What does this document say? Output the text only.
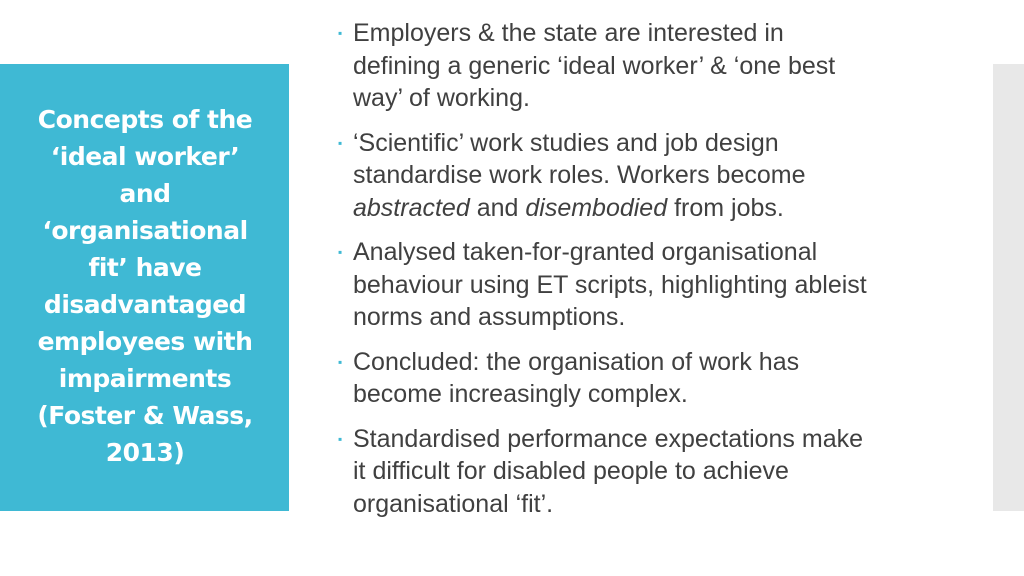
Concepts of the
‘ideal worker’
and
‘organisational
fit’ have
disadvantaged
employees with
impairments
(Foster & Wass,
2013)
▪ Employers & the state are interested in
defining a generic ‘ideal worker’ & ‘one best
way’ of working.
▪ ‘Scientific’ work studies and job design
standardise work roles. Workers become
abstracted and disembodied from jobs.
▪ Analysed taken-for-granted organisational
behaviour using ET scripts, highlighting ableist
norms and assumptions.
▪ Concluded: the organisation of work has
become increasingly complex.
▪ Standardised performance expectations make
it difficult for disabled people to achieve
organisational ‘fit’.
